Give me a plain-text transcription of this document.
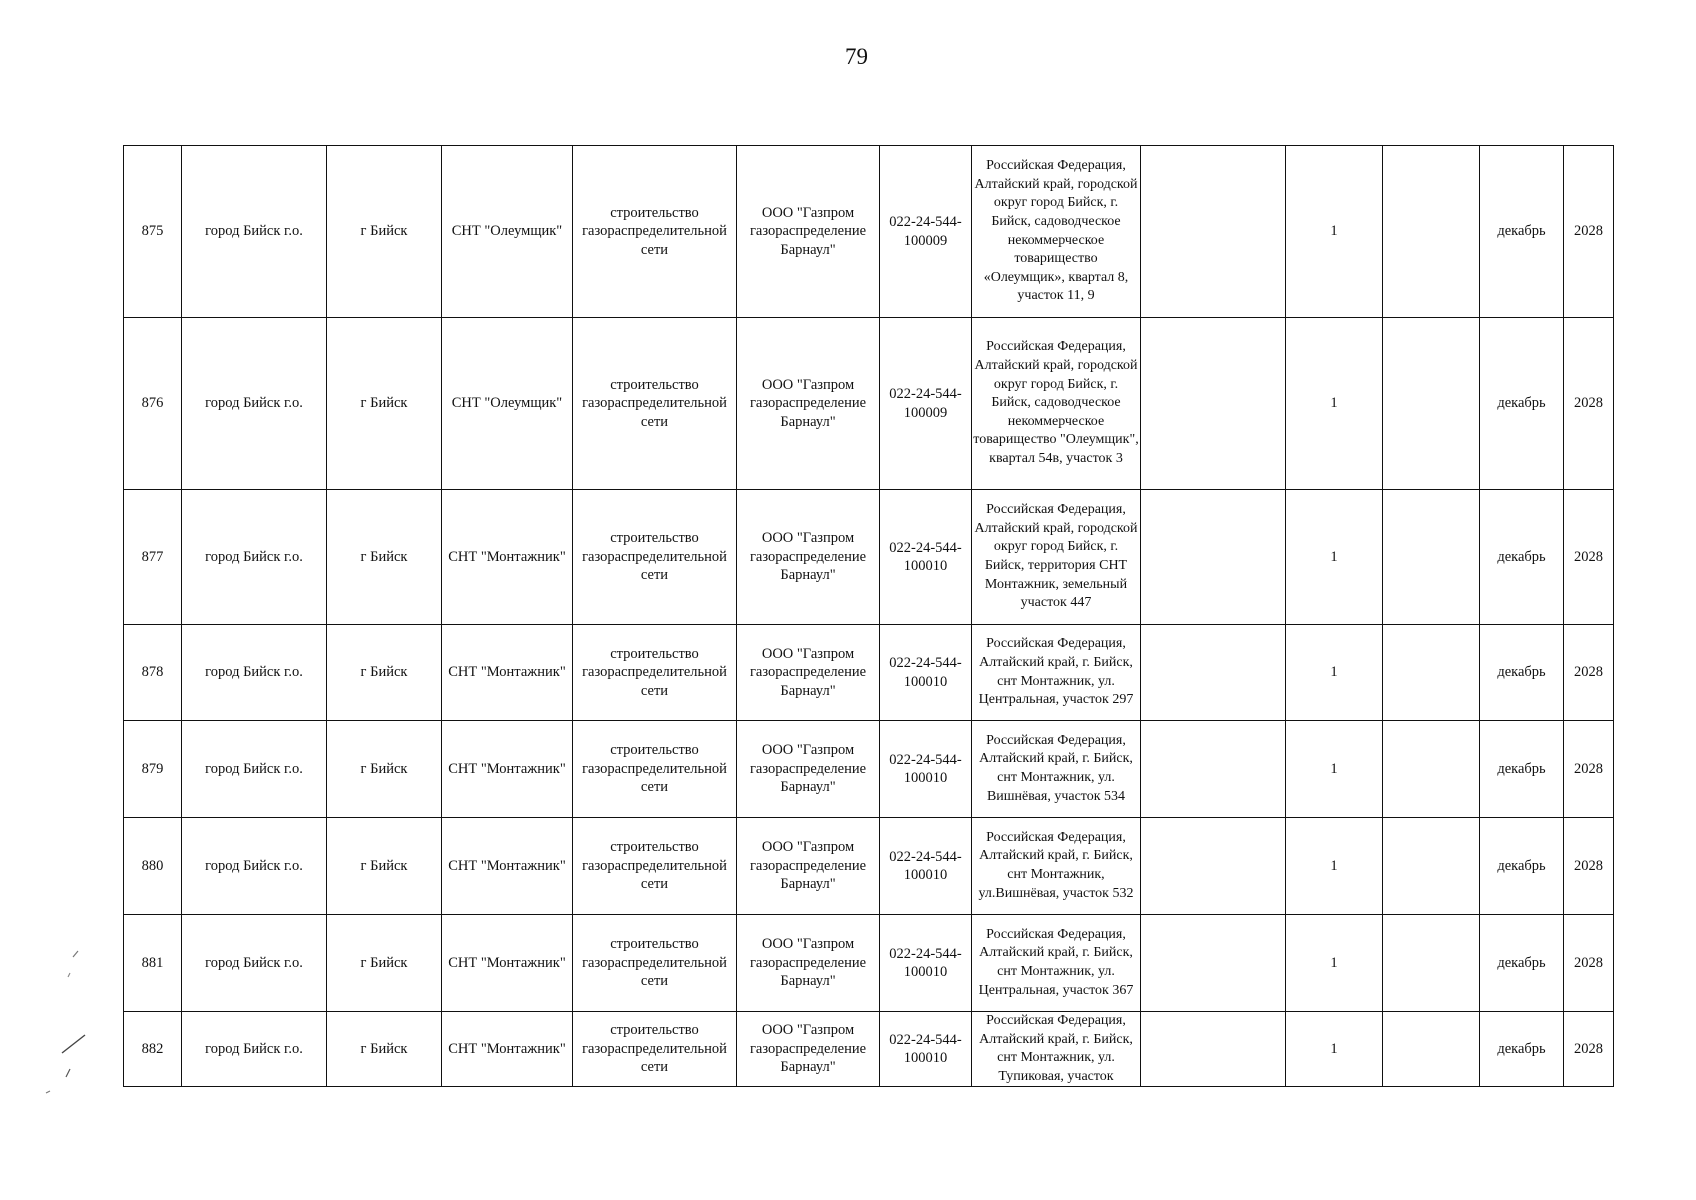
79
875	город Бийск г.о.	г Бийск	СНТ "Олеумщик"	строительство газораспределительной сети	ООО "Газпром газораспределение Барнаул"	022-24-544-100009	Российская Федерация, Алтайский край, городской округ город Бийск, г. Бийск, садоводческое некоммерческое товарищество «Олеумщик», квартал 8, участок 11, 9		1		декабрь	2028
876	город Бийск г.о.	г Бийск	СНТ "Олеумщик"	строительство газораспределительной сети	ООО "Газпром газораспределение Барнаул"	022-24-544-100009	Российская Федерация, Алтайский край, городской округ город Бийск, г. Бийск, садоводческое некоммерческое товарищество "Олеумщик", квартал 54в, участок 3		1		декабрь	2028
877	город Бийск г.о.	г Бийск	СНТ "Монтажник"	строительство газораспределительной сети	ООО "Газпром газораспределение Барнаул"	022-24-544-100010	Российская Федерация, Алтайский край, городской округ город Бийск, г. Бийск, территория СНТ Монтажник, земельный участок 447		1		декабрь	2028
878	город Бийск г.о.	г Бийск	СНТ "Монтажник"	строительство газораспределительной сети	ООО "Газпром газораспределение Барнаул"	022-24-544-100010	Российская Федерация, Алтайский край, г. Бийск, снт Монтажник, ул. Центральная, участок 297		1		декабрь	2028
879	город Бийск г.о.	г Бийск	СНТ "Монтажник"	строительство газораспределительной сети	ООО "Газпром газораспределение Барнаул"	022-24-544-100010	Российская Федерация, Алтайский край, г. Бийск, снт Монтажник, ул. Вишнёвая, участок 534		1		декабрь	2028
880	город Бийск г.о.	г Бийск	СНТ "Монтажник"	строительство газораспределительной сети	ООО "Газпром газораспределение Барнаул"	022-24-544-100010	Российская Федерация, Алтайский край, г. Бийск, снт Монтажник, ул.Вишнёвая, участок 532		1		декабрь	2028
881	город Бийск г.о.	г Бийск	СНТ "Монтажник"	строительство газораспределительной сети	ООО "Газпром газораспределение Барнаул"	022-24-544-100010	Российская Федерация, Алтайский край, г. Бийск, снт Монтажник, ул. Центральная, участок 367		1		декабрь	2028
882	город Бийск г.о.	г Бийск	СНТ "Монтажник"	строительство газораспределительной сети	ООО "Газпром газораспределение Барнаул"	022-24-544-100010	Российская Федерация, Алтайский край, г. Бийск, снт Монтажник, ул. Тупиковая, участок		1		декабрь	2028
